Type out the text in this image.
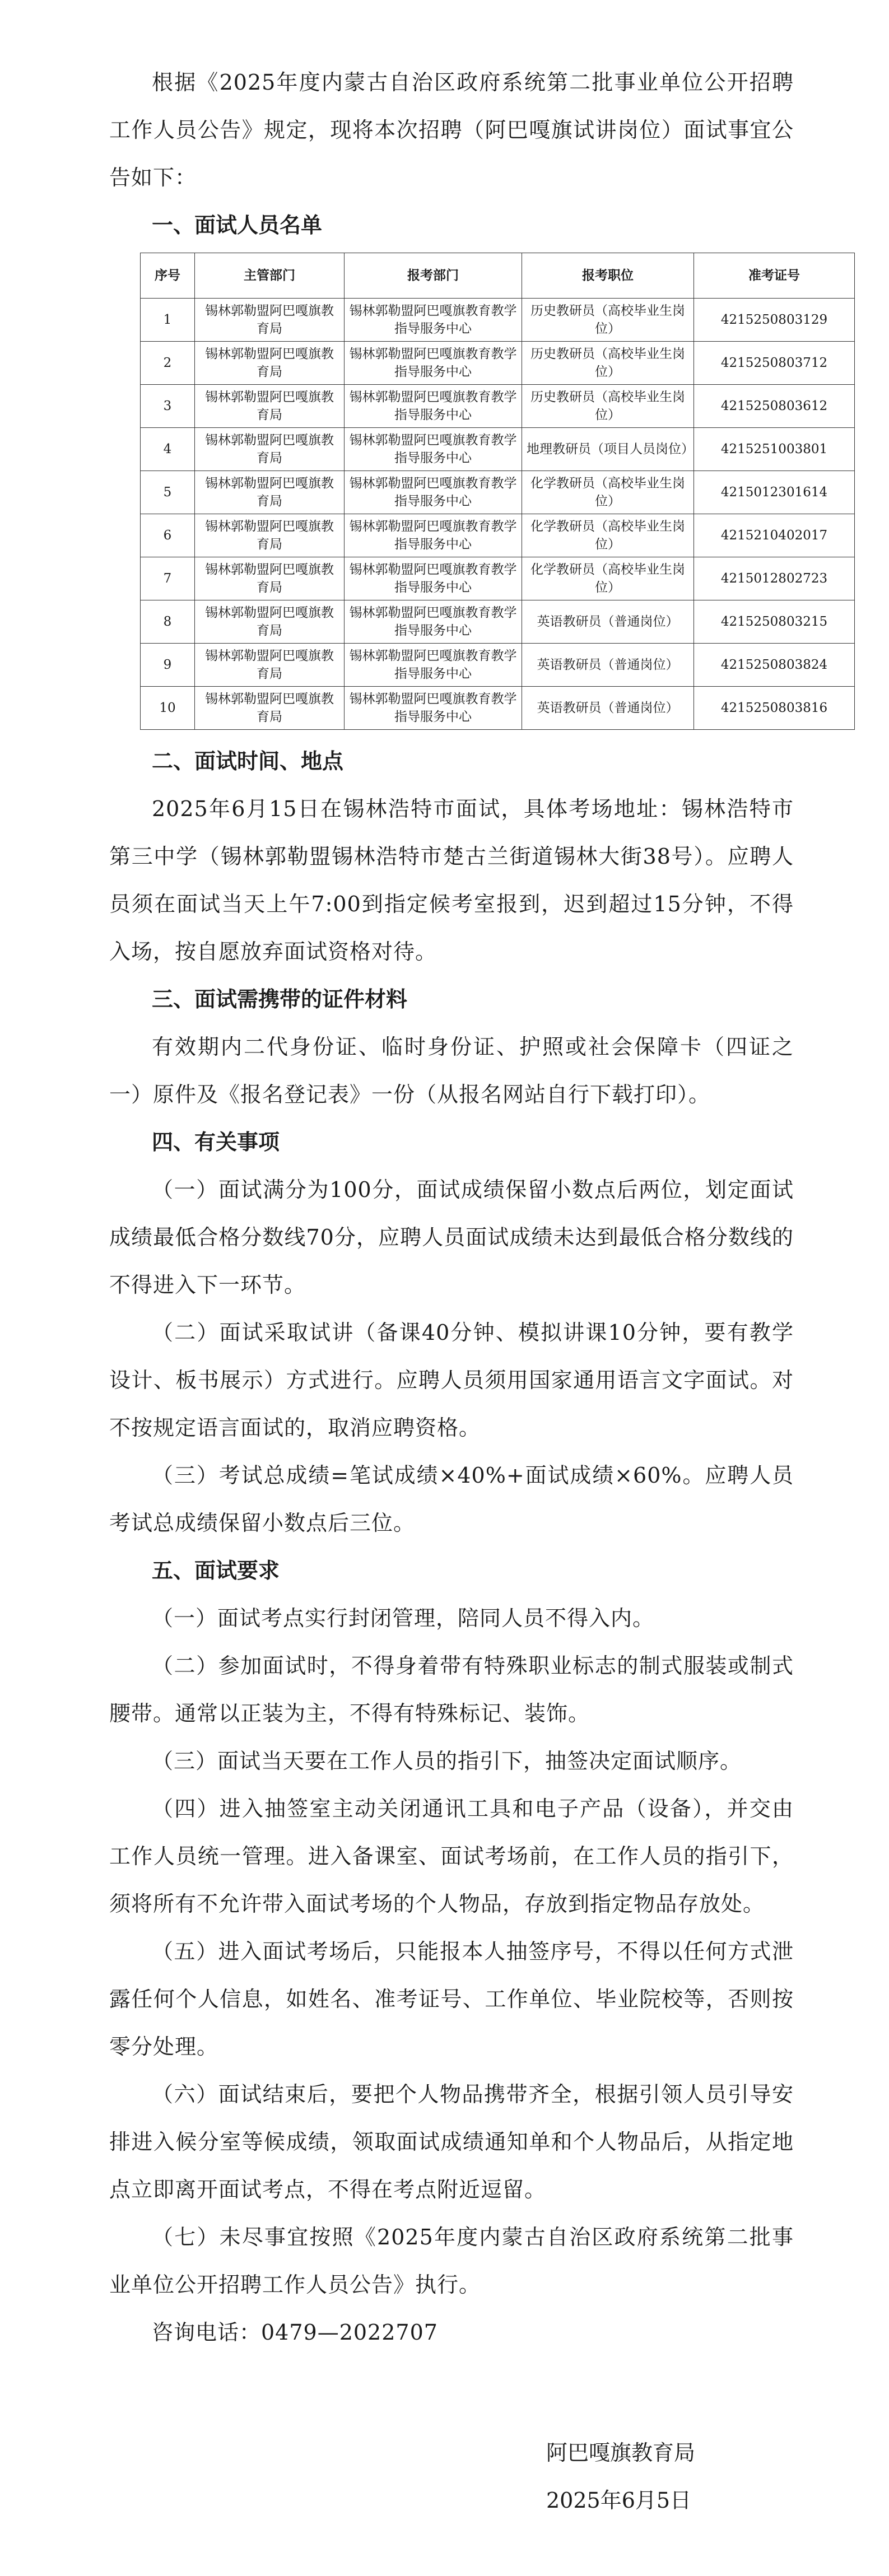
根据《2025年度内蒙古自治区政府系统第二批事业单位公开招聘工作人员公告》规定，现将本次招聘（阿巴嘎旗试讲岗位）面试事宜公告如下：

一、面试人员名单
序号	主管部门	报考部门	报考职位	准考证号
1	锡林郭勒盟阿巴嘎旗教育局	锡林郭勒盟阿巴嘎旗教育教学指导服务中心	历史教研员（高校毕业生岗位）	4215250803129
2	锡林郭勒盟阿巴嘎旗教育局	锡林郭勒盟阿巴嘎旗教育教学指导服务中心	历史教研员（高校毕业生岗位）	4215250803712
3	锡林郭勒盟阿巴嘎旗教育局	锡林郭勒盟阿巴嘎旗教育教学指导服务中心	历史教研员（高校毕业生岗位）	4215250803612
4	锡林郭勒盟阿巴嘎旗教育局	锡林郭勒盟阿巴嘎旗教育教学指导服务中心	地理教研员（项目人员岗位）	4215251003801
5	锡林郭勒盟阿巴嘎旗教育局	锡林郭勒盟阿巴嘎旗教育教学指导服务中心	化学教研员（高校毕业生岗位）	4215012301614
6	锡林郭勒盟阿巴嘎旗教育局	锡林郭勒盟阿巴嘎旗教育教学指导服务中心	化学教研员（高校毕业生岗位）	4215210402017
7	锡林郭勒盟阿巴嘎旗教育局	锡林郭勒盟阿巴嘎旗教育教学指导服务中心	化学教研员（高校毕业生岗位）	4215012802723
8	锡林郭勒盟阿巴嘎旗教育局	锡林郭勒盟阿巴嘎旗教育教学指导服务中心	英语教研员（普通岗位）	4215250803215
9	锡林郭勒盟阿巴嘎旗教育局	锡林郭勒盟阿巴嘎旗教育教学指导服务中心	英语教研员（普通岗位）	4215250803824
10	锡林郭勒盟阿巴嘎旗教育局	锡林郭勒盟阿巴嘎旗教育教学指导服务中心	英语教研员（普通岗位）	4215250803816
二、面试时间、地点

2025年6月15日在锡林浩特市面试，具体考场地址：锡林浩特市第三中学（锡林郭勒盟锡林浩特市楚古兰街道锡林大街38号）。应聘人员须在面试当天上午7:00到指定候考室报到，迟到超过15分钟，不得入场，按自愿放弃面试资格对待。

三、面试需携带的证件材料

有效期内二代身份证、临时身份证、护照或社会保障卡（四证之一）原件及《报名登记表》一份（从报名网站自行下载打印）。

四、有关事项

（一）面试满分为100分，面试成绩保留小数点后两位，划定面试成绩最低合格分数线70分，应聘人员面试成绩未达到最低合格分数线的不得进入下一环节。

（二）面试采取试讲（备课40分钟、模拟讲课10分钟，要有教学设计、板书展示）方式进行。应聘人员须用国家通用语言文字面试。对不按规定语言面试的，取消应聘资格。

（三）考试总成绩=笔试成绩×40%+面试成绩×60%。应聘人员考试总成绩保留小数点后三位。

五、面试要求

（一）面试考点实行封闭管理，陪同人员不得入内。

（二）参加面试时，不得身着带有特殊职业标志的制式服装或制式腰带。通常以正装为主，不得有特殊标记、装饰。

（三）面试当天要在工作人员的指引下，抽签决定面试顺序。

（四）进入抽签室主动关闭通讯工具和电子产品（设备），并交由工作人员统一管理。进入备课室、面试考场前，在工作人员的指引下，须将所有不允许带入面试考场的个人物品，存放到指定物品存放处。

（五）进入面试考场后，只能报本人抽签序号，不得以任何方式泄露任何个人信息，如姓名、准考证号、工作单位、毕业院校等，否则按零分处理。

（六）面试结束后，要把个人物品携带齐全，根据引领人员引导安排进入候分室等候成绩，领取面试成绩通知单和个人物品后，从指定地点立即离开面试考点，不得在考点附近逗留。

（七）未尽事宜按照《2025年度内蒙古自治区政府系统第二批事业单位公开招聘工作人员公告》执行。

咨询电话：0479—2022707

阿巴嘎旗教育局
2025年6月5日
